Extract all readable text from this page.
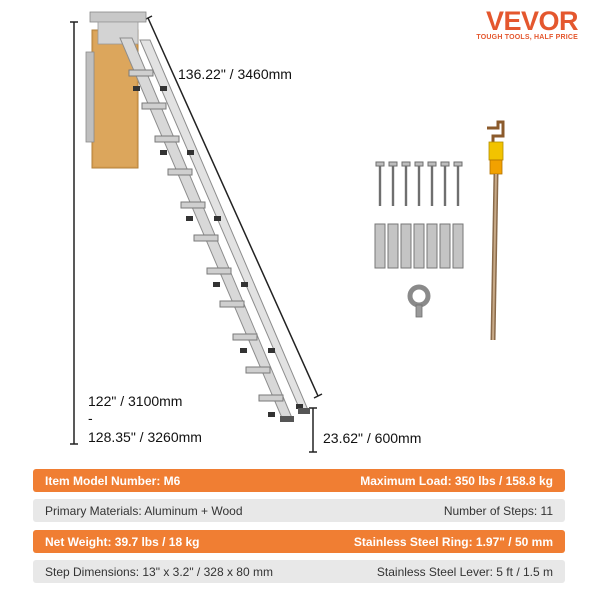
VEVOR
TOUGH TOOLS, HALF PRICE
136.22" / 3460mm
122" / 3100mm
-
128.35" / 3260mm	23.62" / 600mm
Item Model Number: M6	Maximum Load: 350 lbs / 158.8 kg
Primary Materials: Aluminum + Wood	Number of Steps: 11
Net Weight: 39.7 lbs / 18 kg	Stainless Steel Ring: 1.97" / 50 mm
Step Dimensions: 13" x 3.2" / 328 x 80 mm	Stainless Steel Lever: 5 ft / 1.5 m
